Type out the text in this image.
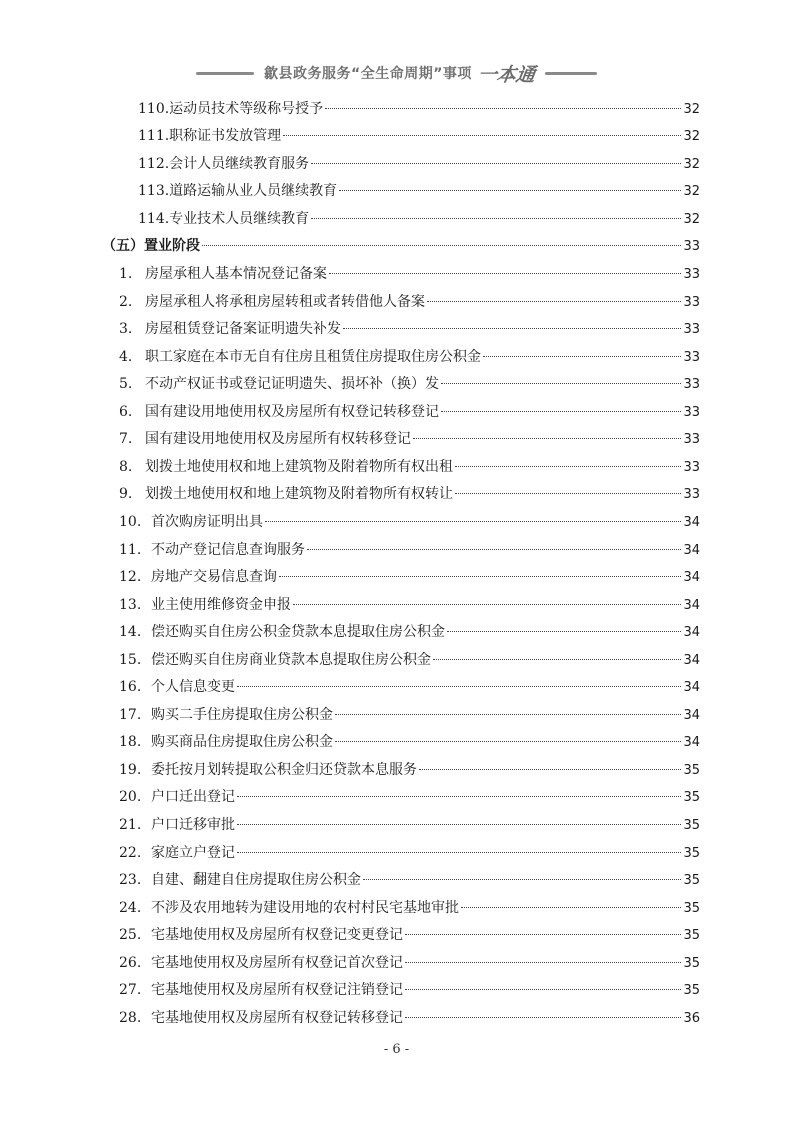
歙县政务服务“全生命周期”事项 一本通
110.运动员技术等级称号授予	32
111.职称证书发放管理	32
112.会计人员继续教育服务	32
113.道路运输从业人员继续教育	32
114.专业技术人员继续教育	32
（五）置业阶段	33
1. 房屋承租人基本情况登记备案	33
2. 房屋承租人将承租房屋转租或者转借他人备案	33
3. 房屋租赁登记备案证明遗失补发	33
4. 职工家庭在本市无自有住房且租赁住房提取住房公积金	33
5. 不动产权证书或登记证明遗失、损坏补（换）发	33
6. 国有建设用地使用权及房屋所有权登记转移登记	33
7. 国有建设用地使用权及房屋所有权转移登记	33
8. 划拨土地使用权和地上建筑物及附着物所有权出租	33
9. 划拨土地使用权和地上建筑物及附着物所有权转让	33
10. 首次购房证明出具	34
11. 不动产登记信息查询服务	34
12. 房地产交易信息查询	34
13. 业主使用维修资金申报	34
14. 偿还购买自住房公积金贷款本息提取住房公积金	34
15. 偿还购买自住房商业贷款本息提取住房公积金	34
16. 个人信息变更	34
17. 购买二手住房提取住房公积金	34
18. 购买商品住房提取住房公积金	34
19. 委托按月划转提取公积金归还贷款本息服务	35
20. 户口迁出登记	35
21. 户口迁移审批	35
22. 家庭立户登记	35
23. 自建、翻建自住房提取住房公积金	35
24. 不涉及农用地转为建设用地的农村村民宅基地审批	35
25. 宅基地使用权及房屋所有权登记变更登记	35
26. 宅基地使用权及房屋所有权登记首次登记	35
27. 宅基地使用权及房屋所有权登记注销登记	35
28. 宅基地使用权及房屋所有权登记转移登记	36
- 6 -
